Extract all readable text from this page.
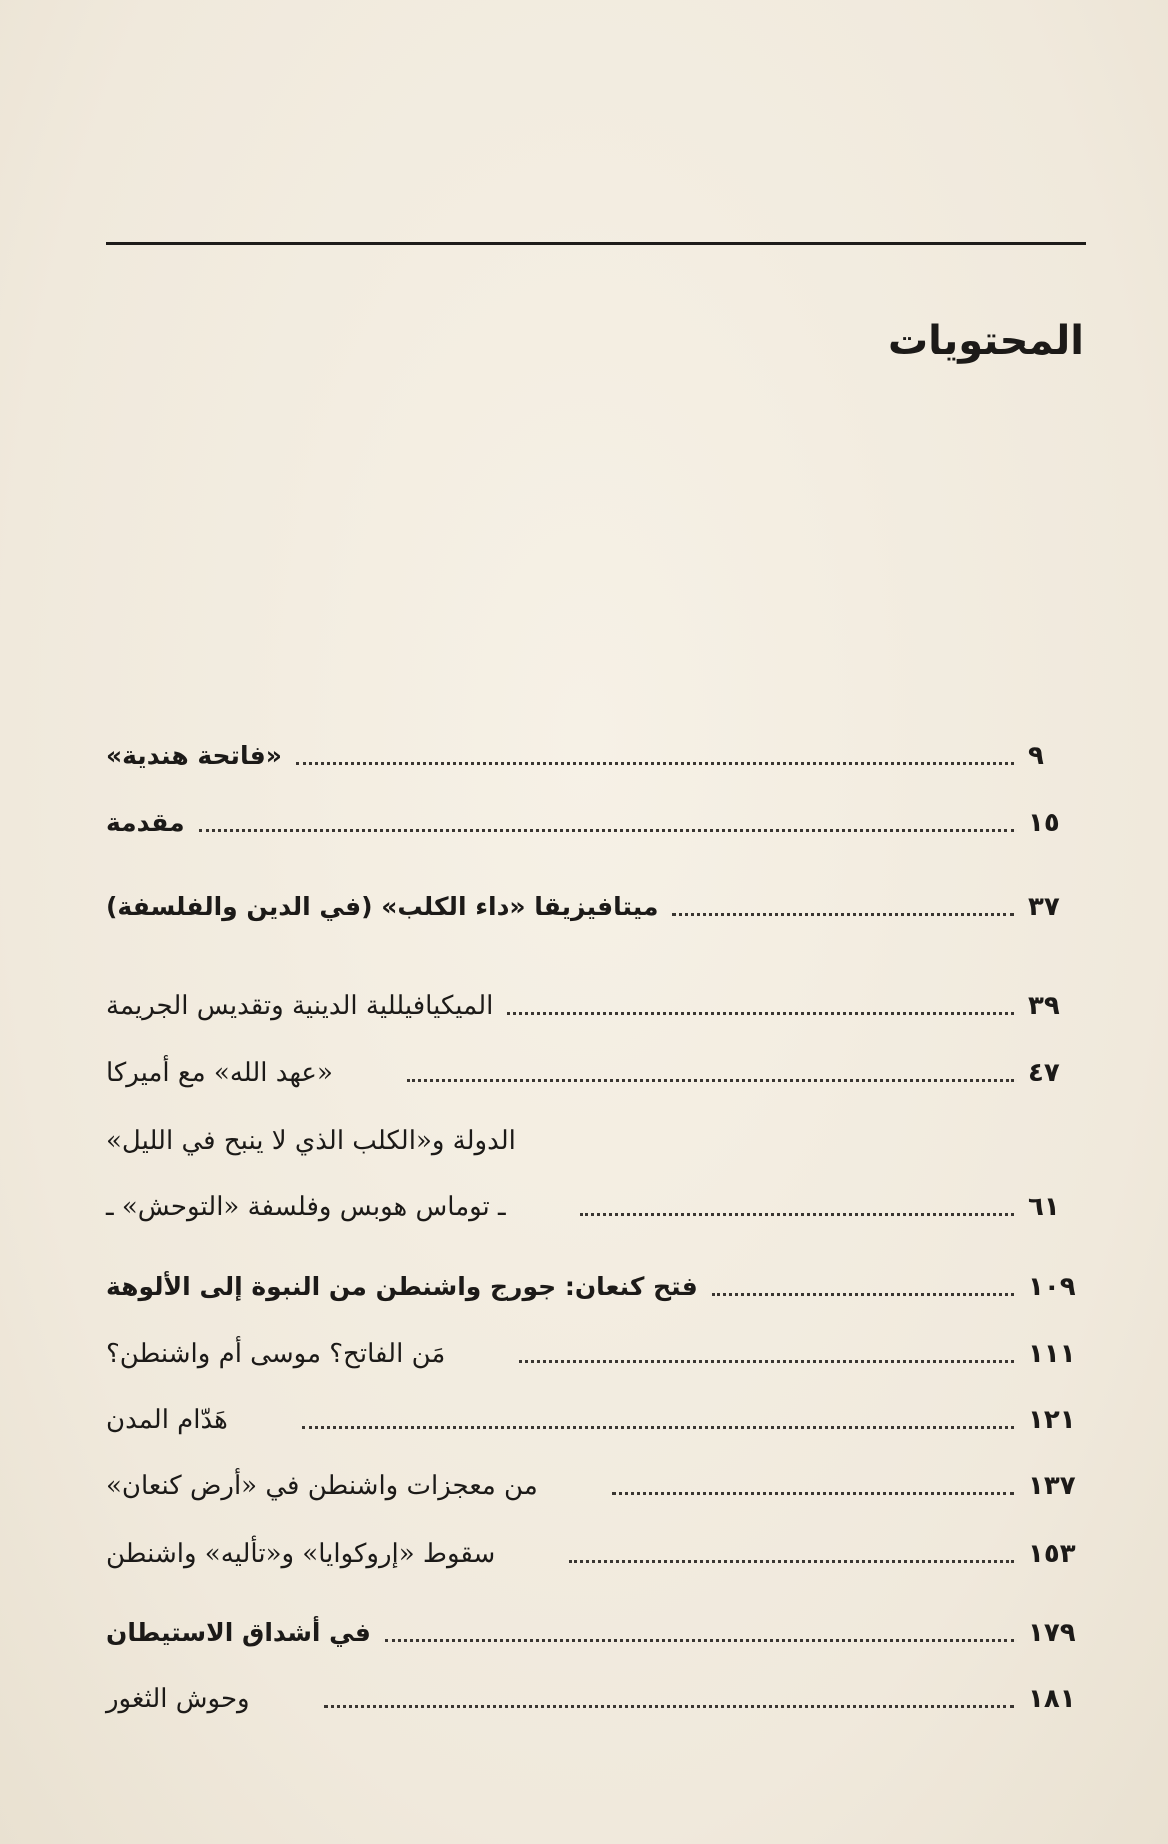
المحتويات
«فاتحة هندية»	٩
مقدمة	١٥
ميتافيزيقا «داء الكلب» (في الدين والفلسفة)	٣٧
الميكيافيللية الدينية وتقديس الجريمة	٣٩
«عهد الله» مع أميركا	٤٧
الدولة و«الكلب الذي لا ينبح في الليل»
ـ توماس هوبس وفلسفة «التوحش» ـ	٦١
فتح كنعان: جورج واشنطن من النبوة إلى الألوهة	١٠٩
مَن الفاتح؟ موسى أم واشنطن؟	١١١
هَدّام المدن	١٢١
من معجزات واشنطن في «أرض كنعان»	١٣٧
سقوط «إروكوايا» و«تأليه» واشنطن	١٥٣
في أشداق الاستيطان	١٧٩
وحوش الثغور	١٨١
